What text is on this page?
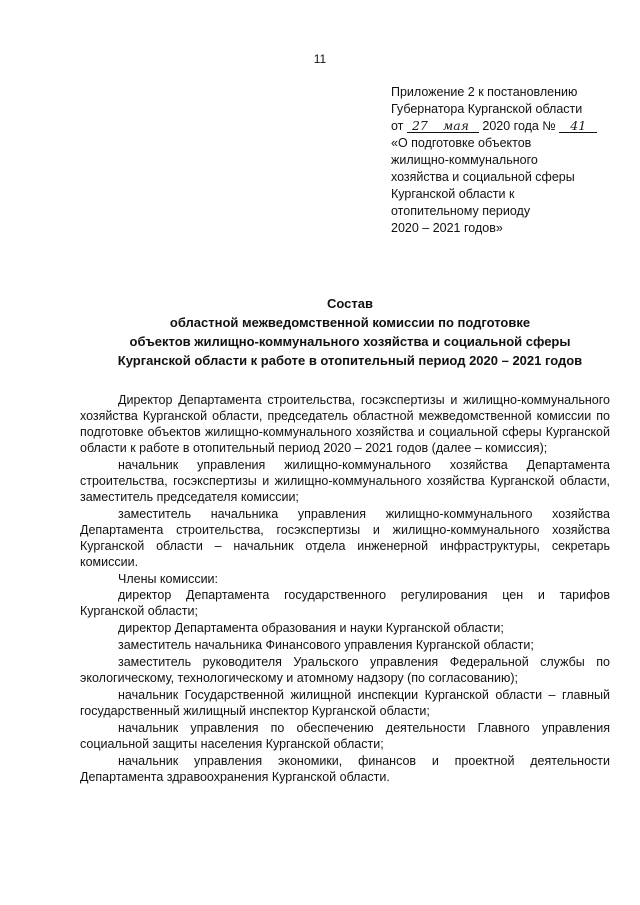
11
Приложение 2 к постановлению
Губернатора Курганской области
от 27 мая 2020 года № 41
«О подготовке объектов
жилищно-коммунального
хозяйства и социальной сферы
Курганской области к
отопительному периоду
2020 – 2021 годов»
Состав
областной межведомственной комиссии по подготовке
объектов жилищно-коммунального хозяйства и социальной сферы
Курганской области к работе в отопительный период 2020 – 2021 годов

Директор Департамента строительства, госэкспертизы и жилищно-коммунального хозяйства Курганской области, председатель областной межведомственной комиссии по подготовке объектов жилищно-коммунального хозяйства и социальной сферы Курганской области к работе в отопительный период 2020 – 2021 годов (далее – комиссия);

начальник управления жилищно-коммунального хозяйства Департамента строительства, госэкспертизы и жилищно-коммунального хозяйства Курганской области, заместитель председателя комиссии;

заместитель начальника управления жилищно-коммунального хозяйства Департамента строительства, госэкспертизы и жилищно-коммунального хозяйства Курганской области – начальник отдела инженерной инфраструктуры, секретарь комиссии.

Члены комиссии:

директор Департамента государственного регулирования цен и тарифов Курганской области;

директор Департамента образования и науки Курганской области;

заместитель начальника Финансового управления Курганской области;

заместитель руководителя Уральского управления Федеральной службы по экологическому, технологическому и атомному надзору (по согласованию);

начальник Государственной жилищной инспекции Курганской области – главный государственный жилищный инспектор Курганской области;

начальник управления по обеспечению деятельности Главного управления социальной защиты населения Курганской области;

начальник управления экономики, финансов и проектной деятельности Департамента здравоохранения Курганской области.
